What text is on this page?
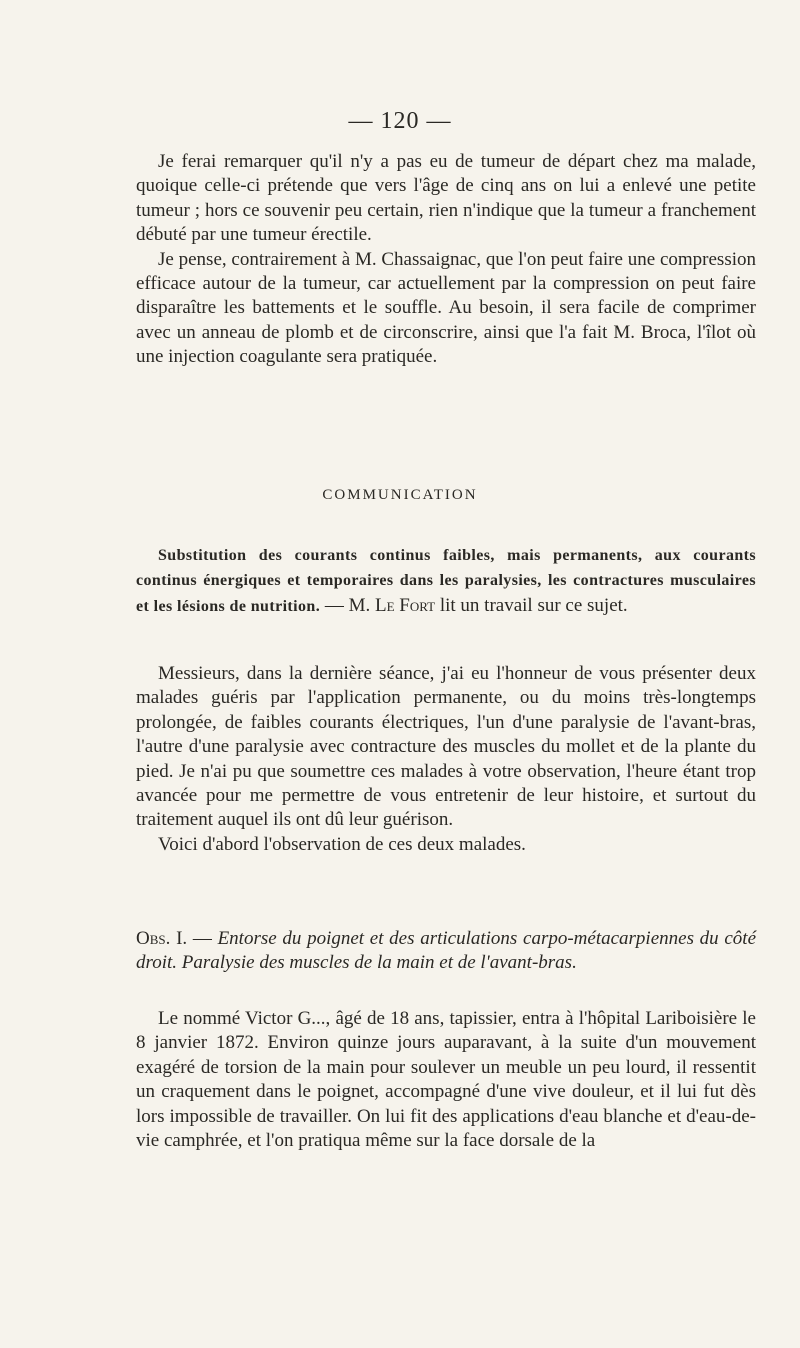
— 120 —

Je ferai remarquer qu'il n'y a pas eu de tumeur de départ chez ma malade, quoique celle-ci prétende que vers l'âge de cinq ans on lui a enlevé une petite tumeur ; hors ce souvenir peu certain, rien n'indique que la tumeur a franchement débuté par une tumeur érectile.

Je pense, contrairement à M. Chassaignac, que l'on peut faire une compression efficace autour de la tumeur, car actuellement par la compression on peut faire disparaître les battements et le souffle. Au besoin, il sera facile de comprimer avec un anneau de plomb et de circonscrire, ainsi que l'a fait M. Broca, l'îlot où une injection coagulante sera pratiquée.

COMMUNICATION

Substitution des courants continus faibles, mais permanents, aux courants continus énergiques et temporaires dans les paralysies, les contractures musculaires et les lésions de nutrition. — M. Le Fort lit un travail sur ce sujet.

Messieurs, dans la dernière séance, j'ai eu l'honneur de vous présenter deux malades guéris par l'application permanente, ou du moins très-longtemps prolongée, de faibles courants électriques, l'un d'une paralysie de l'avant-bras, l'autre d'une paralysie avec contracture des muscles du mollet et de la plante du pied. Je n'ai pu que soumettre ces malades à votre observation, l'heure étant trop avancée pour me permettre de vous entretenir de leur histoire, et surtout du traitement auquel ils ont dû leur guérison.

Voici d'abord l'observation de ces deux malades.

Obs. I. — Entorse du poignet et des articulations carpo-métacarpiennes du côté droit. Paralysie des muscles de la main et de l'avant-bras.

Le nommé Victor G..., âgé de 18 ans, tapissier, entra à l'hôpital Lariboisière le 8 janvier 1872. Environ quinze jours auparavant, à la suite d'un mouvement exagéré de torsion de la main pour soulever un meuble un peu lourd, il ressentit un craquement dans le poignet, accompagné d'une vive douleur, et il lui fut dès lors impossible de travailler. On lui fit des applications d'eau blanche et d'eau-de-vie camphrée, et l'on pratiqua même sur la face dorsale de la
